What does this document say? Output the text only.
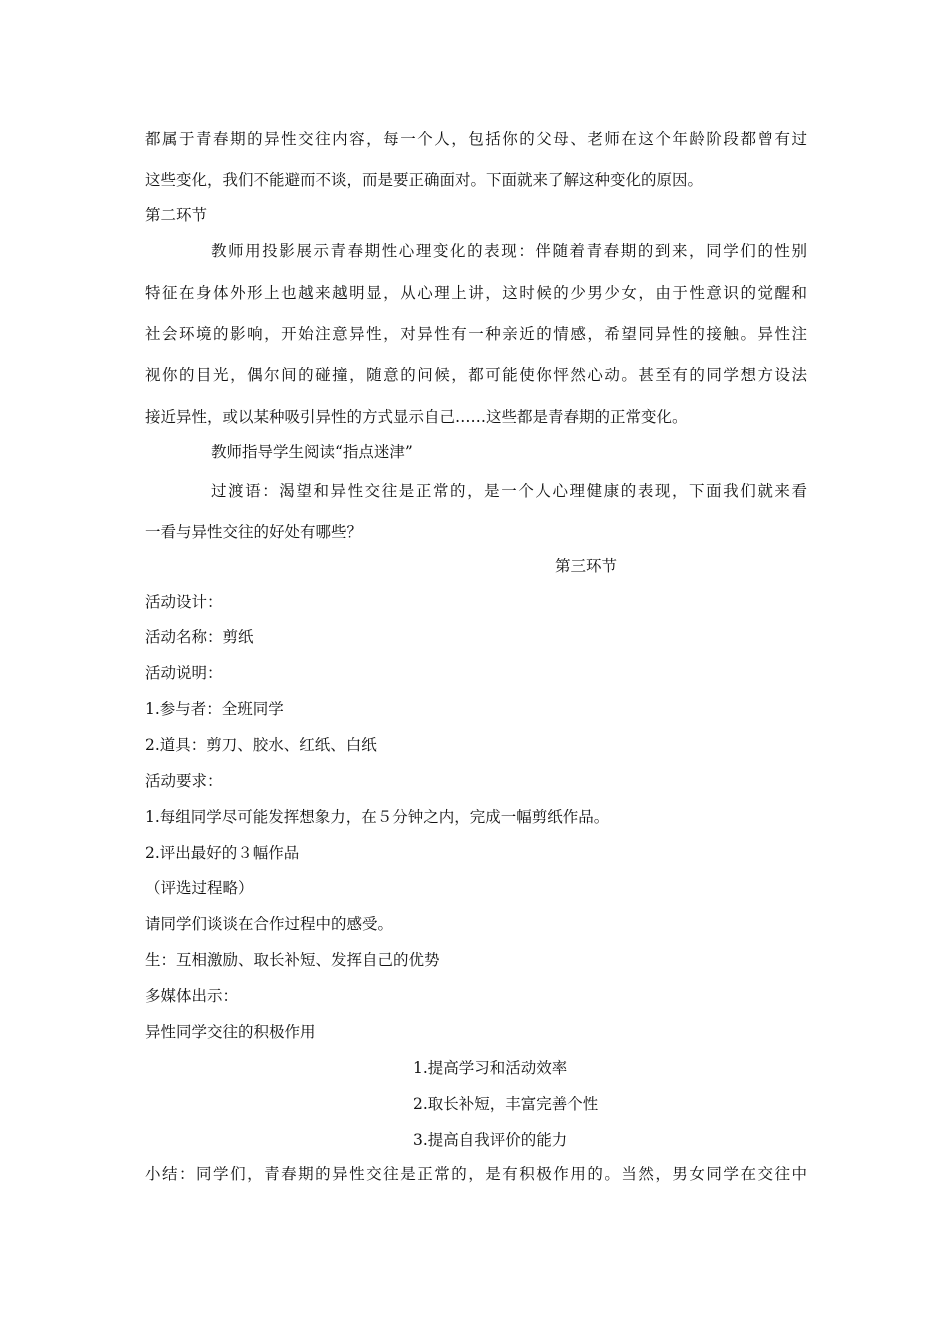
都属于青春期的异性交往内容，每一个人，包括你的父母、老师在这个年龄阶段都曾有过
这些变化，我们不能避而不谈，而是要正确面对。下面就来了解这种变化的原因。
第二环节
教师用投影展示青春期性心理变化的表现：伴随着青春期的到来，同学们的性别
特征在身体外形上也越来越明显，从心理上讲，这时候的少男少女，由于性意识的觉醒和
社会环境的影响，开始注意异性，对异性有一种亲近的情感，希望同异性的接触。异性注
视你的目光，偶尔间的碰撞，随意的问候，都可能使你怦然心动。甚至有的同学想方设法
接近异性，或以某种吸引异性的方式显示自己……这些都是青春期的正常变化。
教师指导学生阅读“指点迷津”
过渡语：渴望和异性交往是正常的，是一个人心理健康的表现，下面我们就来看
一看与异性交往的好处有哪些？
第三环节
活动设计：
活动名称：剪纸
活动说明：
1.参与者：全班同学
2.道具：剪刀、胶水、红纸、白纸
活动要求：
1.每组同学尽可能发挥想象力，在５分钟之内，完成一幅剪纸作品。
2.评出最好的３幅作品
（评选过程略）
请同学们谈谈在合作过程中的感受。
生：互相激励、取长补短、发挥自己的优势
多媒体出示：
异性同学交往的积极作用
1.提高学习和活动效率
2.取长补短，丰富完善个性
3.提高自我评价的能力
小结：同学们，青春期的异性交往是正常的，是有积极作用的。当然，男女同学在交往中
